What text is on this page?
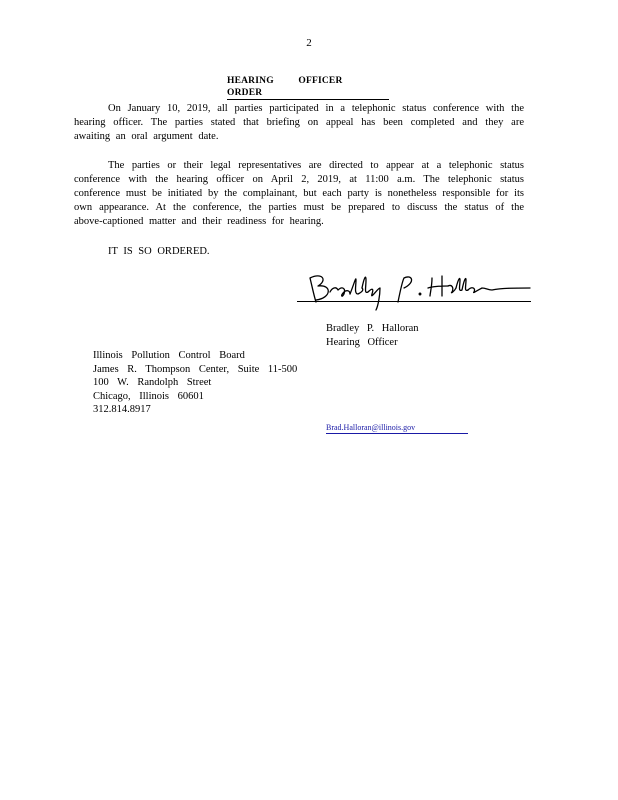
2
HEARING OFFICER ORDER

On January 10, 2019, all parties participated in a telephonic status conference with the hearing officer. The parties stated that briefing on appeal has been completed and they are awaiting an oral argument date.

The parties or their legal representatives are directed to appear at a telephonic status conference with the hearing officer on April 2, 2019, at 11:00 a.m. The telephonic status conference must be initiated by the complainant, but each party is nonetheless responsible for its own appearance. At the conference, the parties must be prepared to discuss the status of the above-captioned matter and their readiness for hearing.

IT IS SO ORDERED.
Bradley P. Halloran
Hearing Officer
Illinois Pollution Control Board
James R. Thompson Center, Suite 11-500
100 W. Randolph Street
Chicago, Illinois 60601
312.814.8917
Brad.Halloran@illinois.gov
